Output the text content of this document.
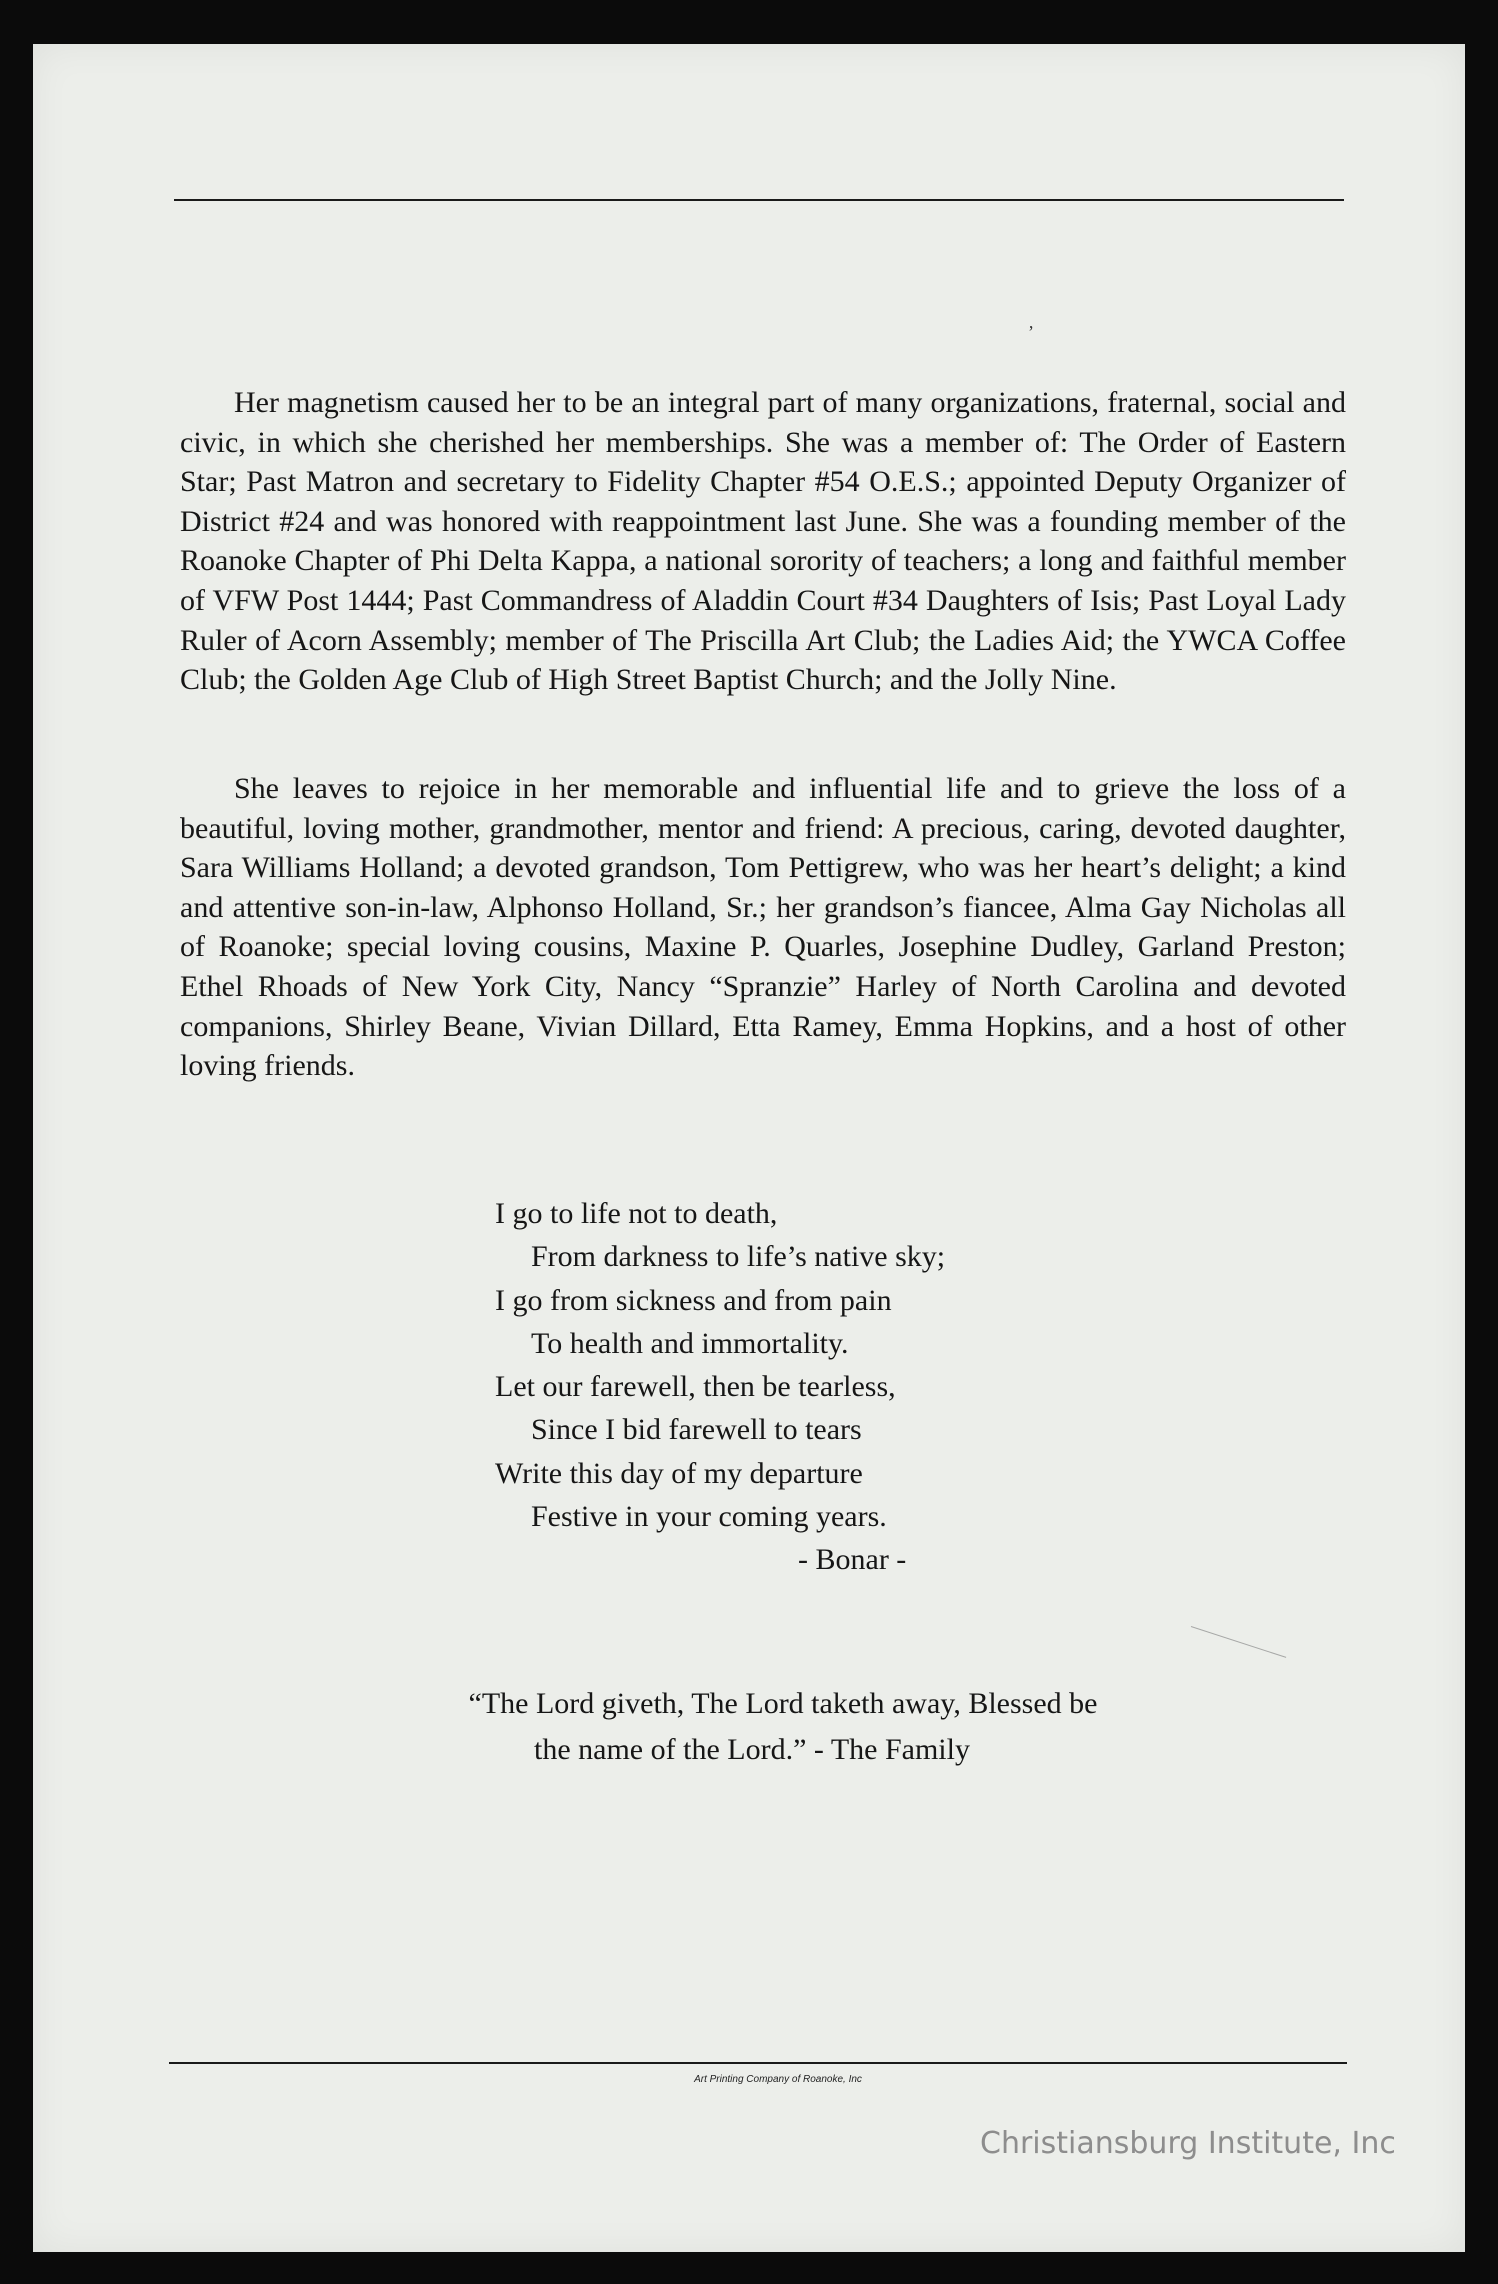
’

Her magnetism caused her to be an integral part of many organizations, fraternal, social and civic, in which she cherished her memberships. She was a member of: The Order of Eastern Star; Past Matron and secretary to Fidelity Chapter #54 O.E.S.; appointed Deputy Organizer of District #24 and was honored with reappointment last June. She was a founding member of the Roanoke Chapter of Phi Delta Kappa, a national sorority of teachers; a long and faithful member of VFW Post 1444; Past Commandress of Aladdin Court #34 Daughters of Isis; Past Loyal Lady Ruler of Acorn Assembly; member of The Priscilla Art Club; the Ladies Aid; the YWCA Coffee Club; the Golden Age Club of High Street Baptist Church; and the Jolly Nine.

She leaves to rejoice in her memorable and influential life and to grieve the loss of a beautiful, loving mother, grandmother, mentor and friend: A precious, caring, devoted daughter, Sara Williams Holland; a devoted grandson, Tom Pettigrew, who was her heart’s delight; a kind and attentive son-in-law, Alphonso Holland, Sr.; her grandson’s fiancee, Alma Gay Nicholas all of Roanoke; special loving cousins, Maxine P. Quarles, Josephine Dudley, Garland Preston; Ethel Rhoads of New York City, Nancy “Spranzie” Harley of North Carolina and devoted companions, Shirley Beane, Vivian Dillard, Etta Ramey, Emma Hopkins, and a host of other loving friends.

I go to life not to death,
From darkness to life’s native sky;
I go from sickness and from pain
To health and immortality.
Let our farewell, then be tearless,
Since I bid farewell to tears
Write this day of my departure
Festive in your coming years.
- Bonar -
“The Lord giveth, The Lord taketh away, Blessed be
the name of the Lord.” - The Family
Art Printing Company of Roanoke, Inc
Christiansburg Institute, Inc
